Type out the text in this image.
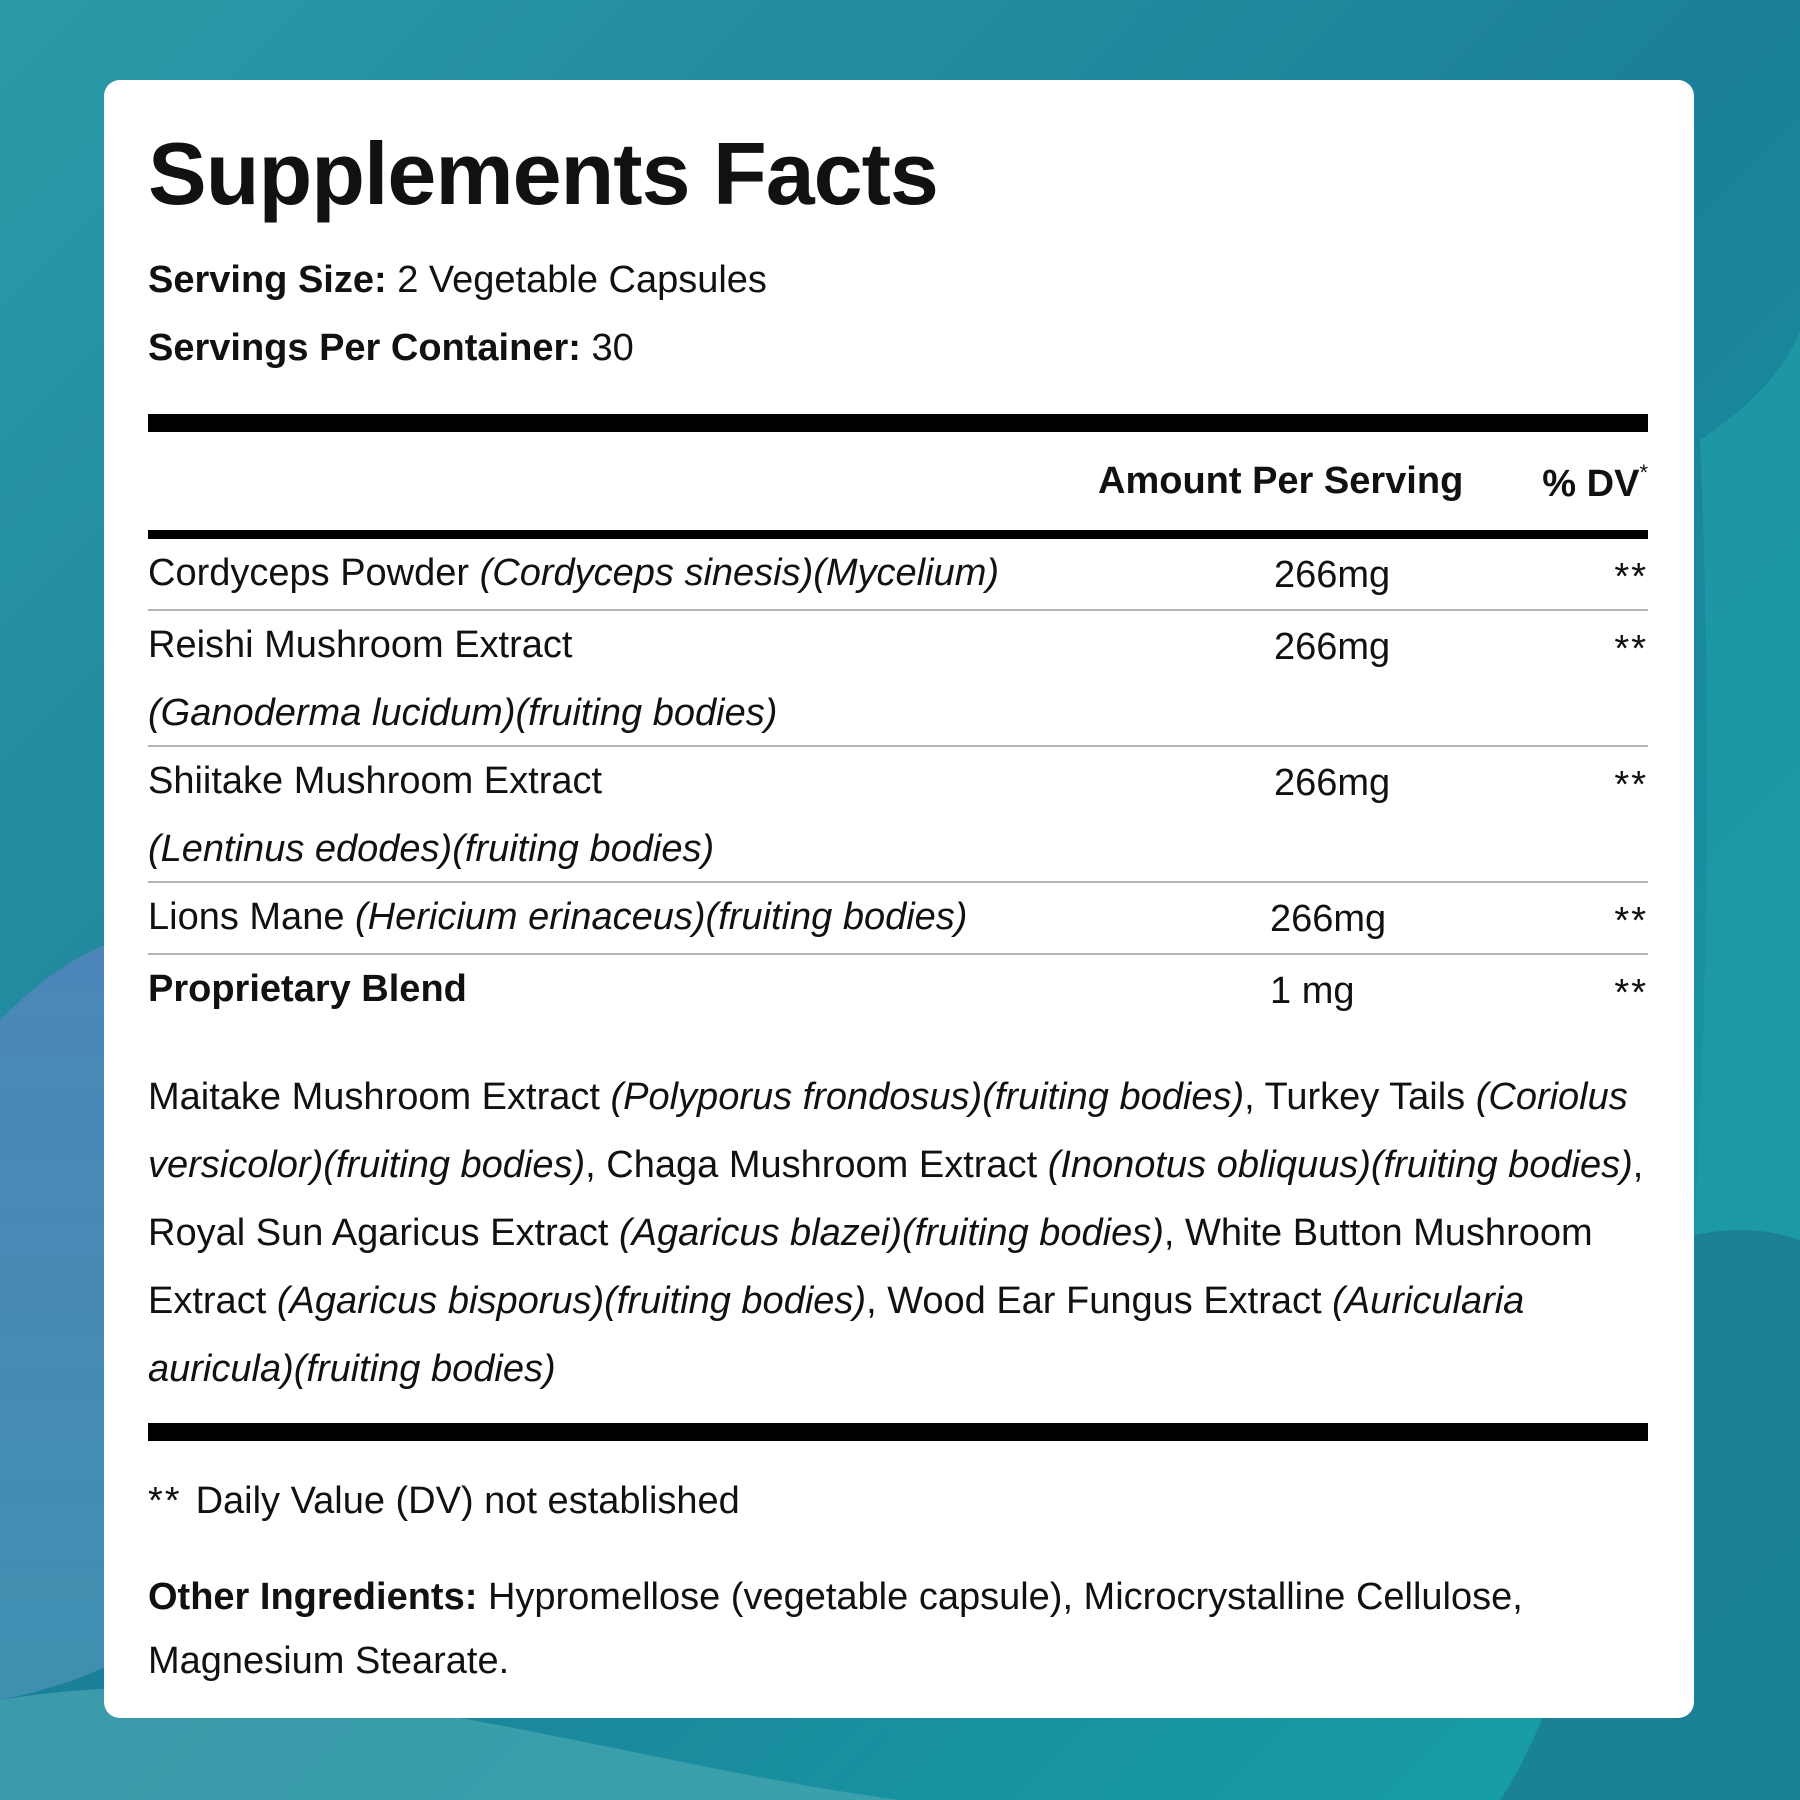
Supplements Facts
Serving Size: 2 Vegetable Capsules
Servings Per Container: 30
Amount Per Serving % DV*
Cordyceps Powder (Cordyceps sinesis)(Mycelium)	266mg	**
Reishi Mushroom Extract
(Ganoderma lucidum)(fruiting bodies)
266mg	**
Shiitake Mushroom Extract
(Lentinus edodes)(fruiting bodies)
266mg	**
Lions Mane (Hericium erinaceus)(fruiting bodies)	266mg	**
Proprietary Blend	1 mg	**
Maitake Mushroom Extract (Polyporus frondosus)(fruiting bodies), Turkey Tails (Coriolus versicolor)(fruiting bodies), Chaga Mushroom Extract (Inonotus obliquus)(fruiting bodies), Royal Sun Agaricus Extract (Agaricus blazei)(fruiting bodies), White Button Mushroom Extract (Agaricus bisporus)(fruiting bodies), Wood Ear Fungus Extract (Auricularia auricula)(fruiting bodies)
** Daily Value (DV) not established
Other Ingredients: Hypromellose (vegetable capsule), Microcrystalline Cellulose, Magnesium Stearate.
